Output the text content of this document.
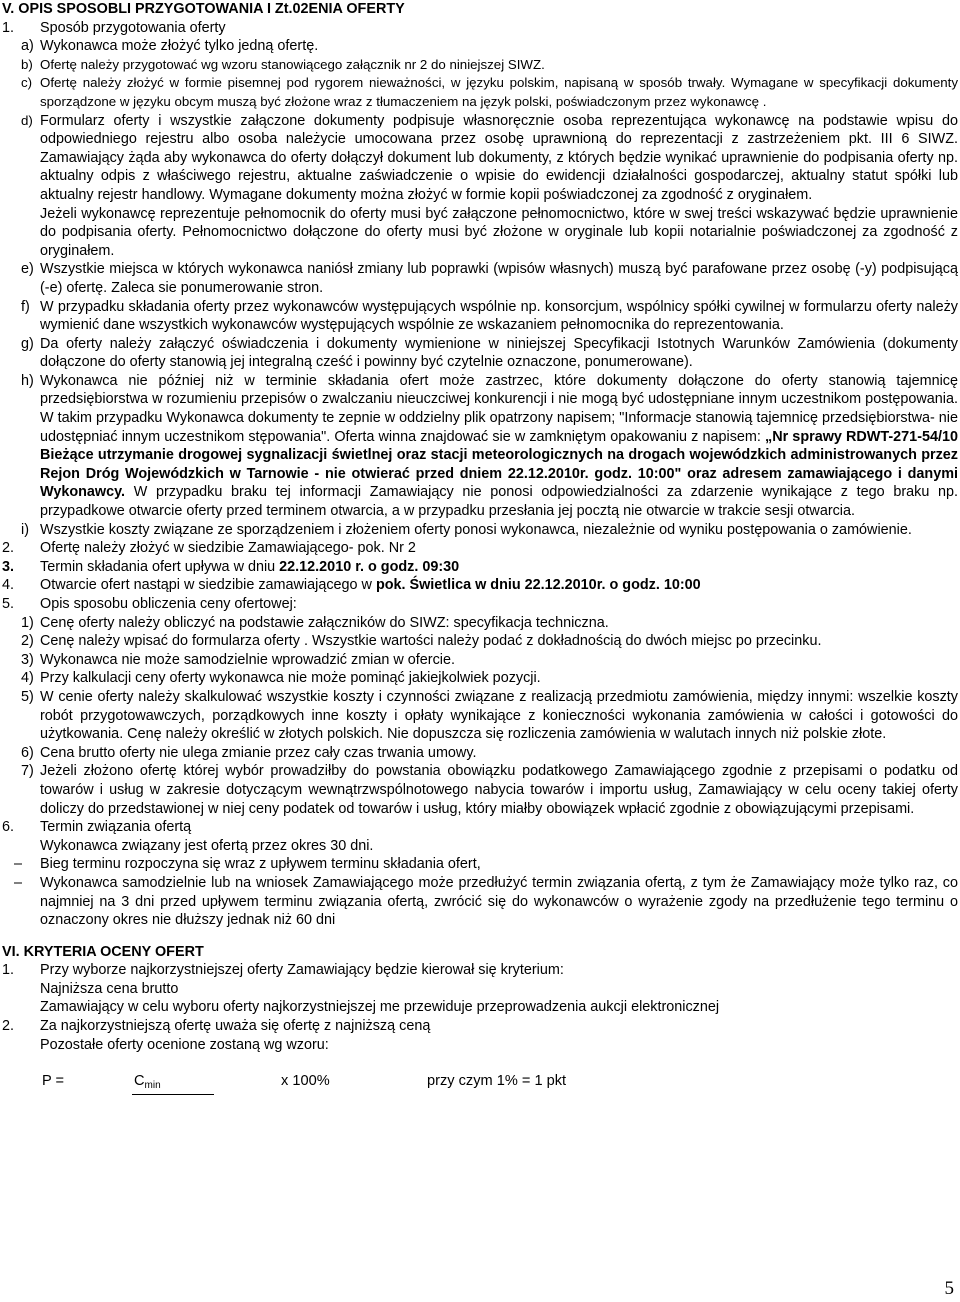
V. OPIS SPOSOBLI PRZYGOTOWANIA I Zt.02ENIA OFERTY
1.	Sposób przygotowania oferty
a) Wykonawca może złożyć tylko jedną ofertę.
b) Ofertę należy przygotować wg wzoru stanowiącego załącznik nr 2 do niniejszej SIWZ.
c) Ofertę należy złożyć w formie pisemnej pod rygorem nieważności, w języku polskim, napisaną w sposób trwały. Wymagane w specyfikacji dokumenty sporządzone w języku obcym muszą być złożone wraz z tłumaczeniem na język polski, poświadczonym przez wykonawcę .
d) Formularz oferty i wszystkie załączone dokumenty podpisuje własnoręcznie osoba reprezentująca wykonawcę na podstawie wpisu do odpowiedniego rejestru albo osoba należycie umocowana przez osobę uprawnioną do reprezentacji z zastrzeżeniem pkt. III 6 SIWZ. Zamawiający żąda aby wykonawca do oferty dołączył dokument lub dokumenty, z których będzie wynikać uprawnienie do podpisania oferty np. aktualny odpis z właściwego rejestru, aktualne zaświadczenie o wpisie do ewidencji działalności gospodarczej, aktualny statut spółki lub aktualny rejestr handlowy. Wymagane dokumenty można złożyć w formie kopii poświadczonej za zgodność z oryginałem.
Jeżeli wykonawcę reprezentuje pełnomocnik do oferty musi być załączone pełnomocnictwo, które w swej treści wskazywać będzie uprawnienie do podpisania oferty. Pełnomocnictwo dołączone do oferty musi być złożone w oryginale lub kopii notarialnie poświadczonej za zgodność z oryginałem.
e) Wszystkie miejsca w których wykonawca naniósł zmiany lub poprawki (wpisów własnych) muszą być parafowane przez osobę (-y) podpisującą (-e) ofertę. Zaleca sie ponumerowanie stron.
f) W przypadku składania oferty przez wykonawców występujących wspólnie np. konsorcjum, wspólnicy spółki cywilnej w formularzu oferty należy wymienić dane wszystkich wykonawców występujących wspólnie ze wskazaniem pełnomocnika do reprezentowania.
g) Da oferty należy załączyć oświadczenia i dokumenty wymienione w niniejszej Specyfikacji Istotnych Warunków Zamówienia (dokumenty dołączone do oferty stanowią jej integralną cześć i powinny być czytelnie oznaczone, ponumerowane).
h) Wykonawca nie później niż w terminie składania ofert może zastrzec, które dokumenty dołączone do oferty stanowią tajemnicę przedsiębiorstwa w rozumieniu przepisów o zwalczaniu nieuczciwej konkurencji i nie mogą być udostępniane innym uczestnikom postępowania. W takim przypadku Wykonawca dokumenty te zepnie w oddzielny plik opatrzony napisem; "Informacje stanowią tajemnicę przedsiębiorstwa- nie udostępniać innym uczestnikom stępowania". Oferta winna znajdować sie w zamkniętym opakowaniu z napisem: „Nr sprawy RDWT-271-54/10 Bieżące utrzymanie drogowej sygnalizacji świetlnej oraz stacji meteorologicznych na drogach wojewódzkich administrowanych przez Rejon Dróg Wojewódzkich w Tarnowie - nie otwierać przed dniem 22.12.2010r. godz. 10:00" oraz adresem zamawiającego i danymi Wykonawcy. W przypadku braku tej informacji Zamawiający nie ponosi odpowiedzialności za zdarzenie wynikające z tego braku np. przypadkowe otwarcie oferty przed terminem otwarcia, a w przypadku przesłania jej pocztą nie otwarcie w trakcie sesji otwarcia.
i) Wszystkie koszty związane ze sporządzeniem i złożeniem oferty ponosi wykonawca, niezależnie od wyniku postępowania o zamówienie.
2.	Ofertę należy złożyć w siedzibie Zamawiającego- pok. Nr 2
3.	Termin składania ofert upływa w dniu 22.12.2010 r. o godz. 09:30
4.	Otwarcie ofert nastąpi w siedzibie zamawiającego w pok. Świetlica w dniu 22.12.2010r. o godz. 10:00
5.	Opis sposobu obliczenia ceny ofertowej:
1) Cenę oferty należy obliczyć na podstawie załączników do SIWZ: specyfikacja techniczna.
2) Cenę należy wpisać do formularza oferty . Wszystkie wartości należy podać z dokładnością do dwóch miejsc po przecinku.
3) Wykonawca nie może samodzielnie wprowadzić zmian w ofercie.
4) Przy kalkulacji ceny oferty wykonawca nie może pominąć jakiejkolwiek pozycji.
5) W cenie oferty należy skalkulować wszystkie koszty i czynności związane z realizacją przedmiotu zamówienia, między innymi: wszelkie koszty robót przygotowawczych, porządkowych inne koszty i opłaty wynikające z konieczności wykonania zamówienia w całości i gotowości do użytkowania. Cenę należy określić w złotych polskich. Nie dopuszcza się rozliczenia zamówienia w walutach innych niż polskie złote.
6) Cena brutto oferty nie ulega zmianie przez cały czas trwania umowy.
7) Jeżeli złożono ofertę której wybór prowadziłby do powstania obowiązku podatkowego Zamawiającego zgodnie z przepisami o podatku od towarów i usług w zakresie dotyczącym wewnątrzwspólnotowego nabycia towarów i importu usług, Zamawiający w celu oceny takiej oferty doliczy do przedstawionej w niej ceny podatek od towarów i usług, który miałby obowiązek wpłacić zgodnie z obowiązującymi przepisami.
6.	Termin związania ofertą
Wykonawca związany jest ofertą przez okres 30 dni.
–	Bieg terminu rozpoczyna się wraz z upływem terminu składania ofert,
–	Wykonawca samodzielnie lub na wniosek Zamawiającego może przedłużyć termin związania ofertą, z tym że Zamawiający może tylko raz, co najmniej na 3 dni przed upływem terminu związania ofertą, zwrócić się do wykonawców o wyrażenie zgody na przedłużenie tego terminu o oznaczony okres nie dłuższy jednak niż 60 dni
VI. KRYTERIA OCENY OFERT
1.	Przy wyborze najkorzystniejszej oferty Zamawiający będzie kierował się kryterium:
Najniższa cena brutto
Zamawiający w celu wyboru oferty najkorzystniejszej me przewiduje przeprowadzenia aukcji elektronicznej
2.	Za najkorzystniejszą ofertę uważa się ofertę z najniższą ceną
Pozostałe oferty ocenione zostaną wg wzoru:
P =	$C_{min}$	x 100%	przy czym 1% = 1 pkt
5
